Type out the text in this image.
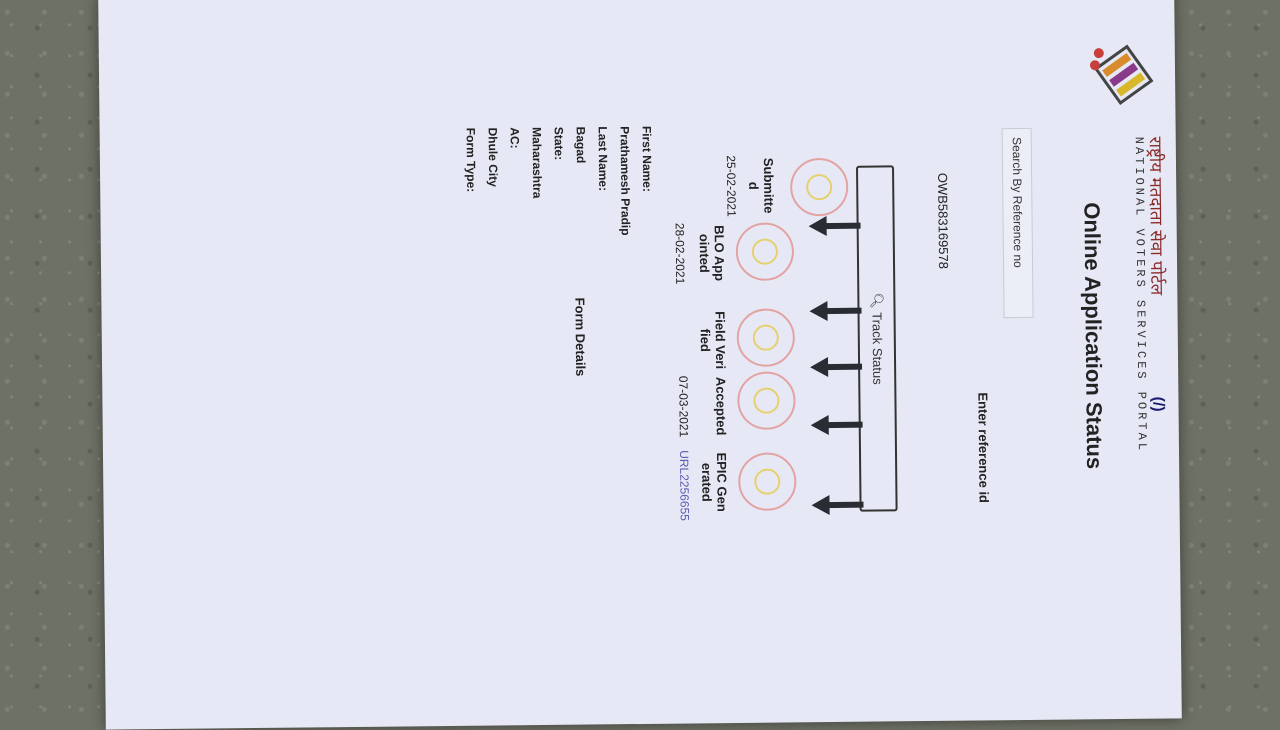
राष्ट्रीय मतदाता सेवा पोर्टल
NATIONAL VOTERS SERVICES PORTAL (/)
Online Application Status
Search By Reference no
Enter reference id
OWB583169578
🔍︎ Track Status
Submitted
25-02-2021
BLO Appointed
28-02-2021
Field Verified
Accepted
07-03-2021
EPIC Generated
URL2256655
Form Details
First Name:
Prathamesh Pradip
Last Name:
Bagad
State:
Maharashtra
AC:
Dhule City
Form Type:
